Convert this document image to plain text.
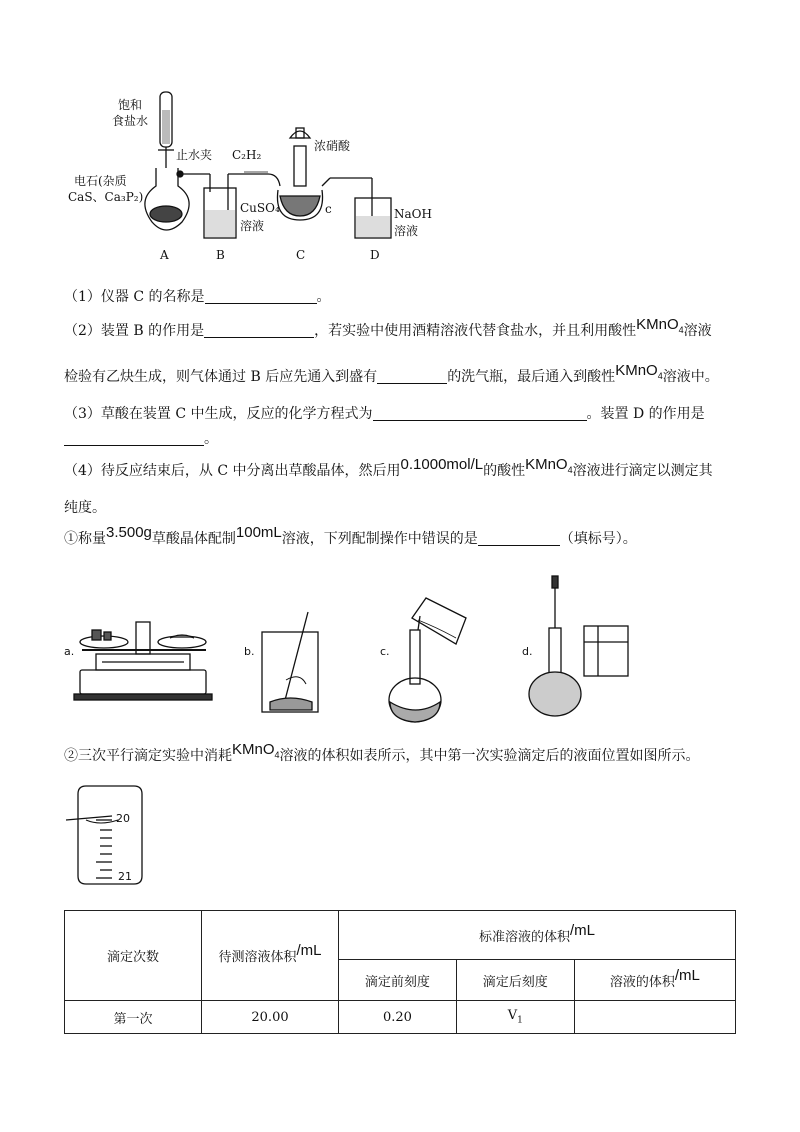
饱和
食盐水
止水夹 C₂H₂
浓硝酸
电石(杂质
CaS、Ca₃P₂)
CuSO₄
溶液
c	NaOH
溶液
A	B	C	D
（1）仪器 C 的名称是	。
（2）装置 B 的作用是	，若实验中使用酒精溶液代替食盐水，并且利用酸性KMnO$_4$溶液
检验有乙炔生成，则气体通过 B 后应先通入到盛有	的洗气瓶，最后通入到酸性KMnO$_4$溶液中。
（3）草酸在装置 C 中生成，反应的化学方程式为	。装置 D 的作用是
。
（4）待反应结束后，从 C 中分离出草酸晶体，然后用0.1000mol/L的酸性KMnO$_4$溶液进行滴定以测定其
纯度。
①称量3.500g草酸晶体配制100mL溶液，下列配制操作中错误的是	（填标号）。
a.	b.	c.	d.
②三次平行滴定实验中消耗KMnO$_4$溶液的体积如表所示，其中第一次实验滴定后的液面位置如图所示。
20
21
滴定次数	待测溶液体积/mL	标准溶液的体积/mL		
		滴定前刻度	滴定后刻度	溶液的体积/mL
第一次	20.00	0.20	$V_1$	
